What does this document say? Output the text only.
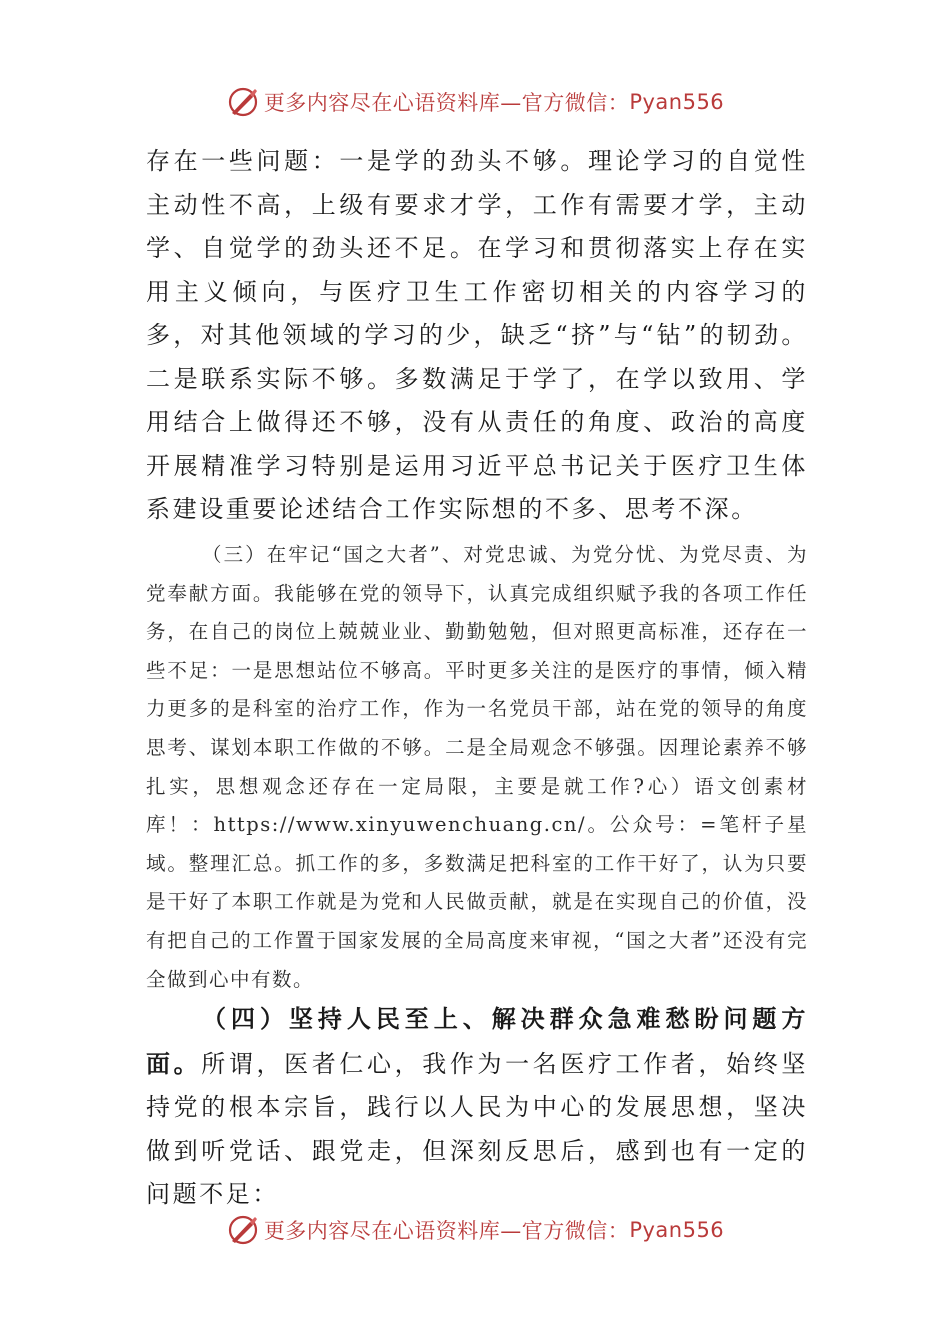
更多内容尽在心语资料库—官方微信： Pyan556

存在一些问题：一是学的劲头不够。理论学习的自觉性主动性不高，上级有要求才学，工作有需要才学，主动学、自觉学的劲头还不足。在学习和贯彻落实上存在实用主义倾向，与医疗卫生工作密切相关的内容学习的多，对其他领域的学习的少，缺乏“挤”与“钻”的韧劲。二是联系实际不够。多数满足于学了，在学以致用、学用结合上做得还不够，没有从责任的角度、政治的高度开展精准学习特别是运用习近平总书记关于医疗卫生体系建设重要论述结合工作实际想的不多、思考不深。

（三）在牢记“国之大者”、对党忠诚、为党分忧、为党尽责、为党奉献方面。我能够在党的领导下，认真完成组织赋予我的各项工作任务，在自己的岗位上兢兢业业、勤勤勉勉，但对照更高标准，还存在一些不足：一是思想站位不够高。平时更多关注的是医疗的事情，倾入精力更多的是科室的治疗工作，作为一名党员干部，站在党的领导的角度思考、谋划本职工作做的不够。二是全局观念不够强。因理论素养不够扎实，思想观念还存在一定局限，主要是就工作?心）语文创素材库！：https://www.xinyuwenchuang.cn/。公众号：=笔杆子星域。整理汇总。抓工作的多，多数满足把科室的工作干好了，认为只要是干好了本职工作就是为党和人民做贡献，就是在实现自己的价值，没有把自己的工作置于国家发展的全局高度来审视，“国之大者”还没有完全做到心中有数。

（四）坚持人民至上、解决群众急难愁盼问题方面。所谓，医者仁心，我作为一名医疗工作者，始终坚持党的根本宗旨，践行以人民为中心的发展思想，坚决做到听党话、跟党走，但深刻反思后，感到也有一定的问题不足：

更多内容尽在心语资料库—官方微信： Pyan556
